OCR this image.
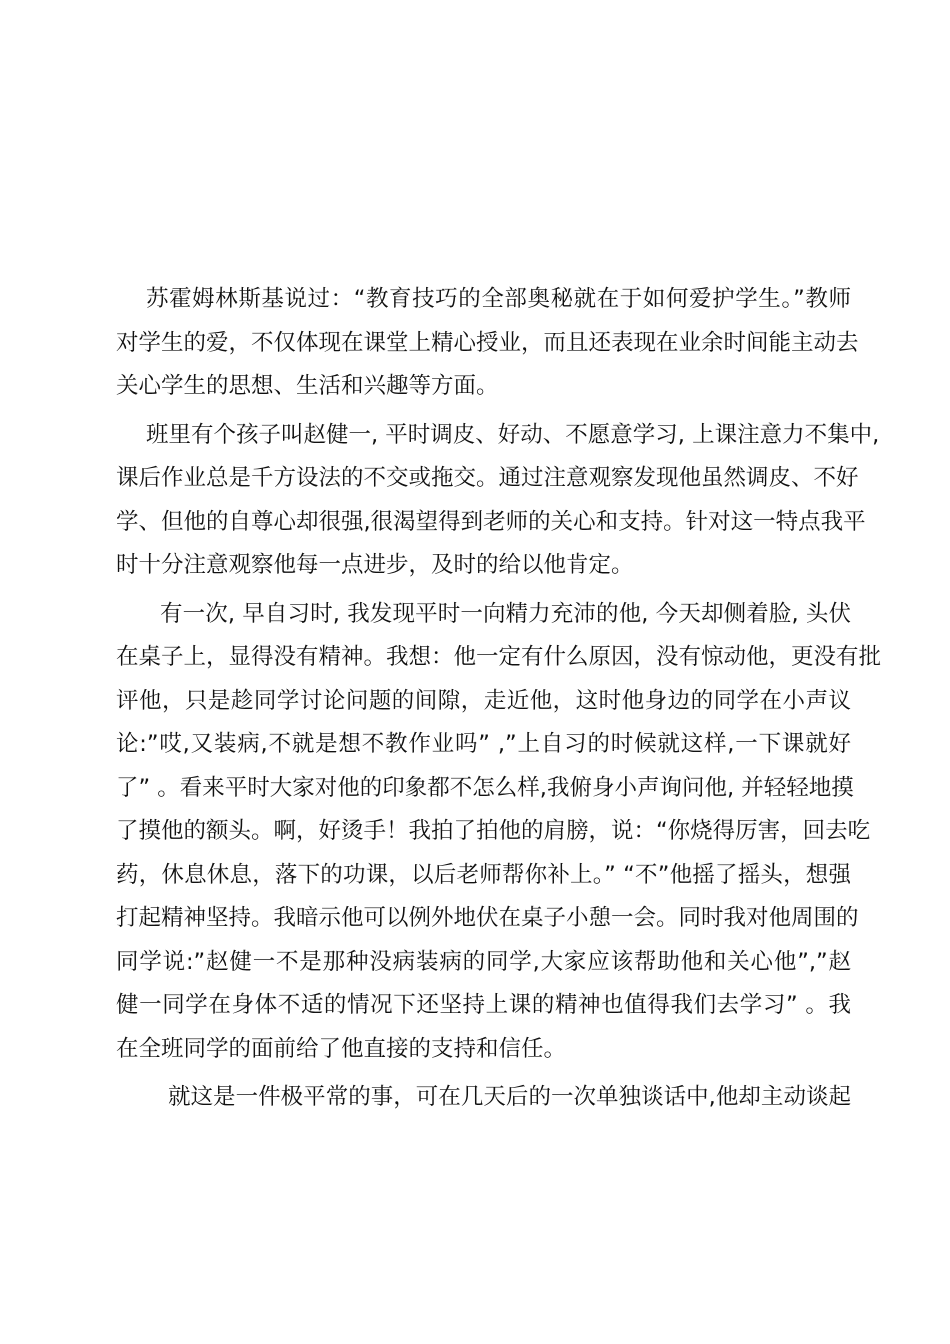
苏霍姆林斯基说过：“教育技巧的全部奥秘就在于如何爱护学生。”教师
对学生的爱，不仅体现在课堂上精心授业，而且还表现在业余时间能主动去
关心学生的思想、生活和兴趣等方面。
班里有个孩子叫赵健一, 平时调皮、好动、不愿意学习, 上课注意力不集中,
课后作业总是千方设法的不交或拖交。通过注意观察发现他虽然调皮、不好
学、但他的自尊心却很强,很渴望得到老师的关心和支持。针对这一特点我平
时十分注意观察他每一点进步，及时的给以他肯定。
有一次, 早自习时, 我发现平时一向精力充沛的他, 今天却侧着脸, 头伏
在桌子上，显得没有精神。我想：他一定有什么原因，没有惊动他，更没有批
评他，只是趁同学讨论问题的间隙，走近他，这时他身边的同学在小声议
论:”哎,又装病,不就是想不教作业吗” ,”上自习的时候就这样,一下课就好
了” 。看来平时大家对他的印象都不怎么样,我俯身小声询问他, 并轻轻地摸
了摸他的额头。啊，好烫手！我拍了拍他的肩膀，说：“你烧得厉害，回去吃
药，休息休息，落下的功课，以后老师帮你补上。” “不”他摇了摇头，想强
打起精神坚持。我暗示他可以例外地伏在桌子小憩一会。同时我对他周围的
同学说:”赵健一不是那种没病装病的同学,大家应该帮助他和关心他”,”赵
健一同学在身体不适的情况下还坚持上课的精神也值得我们去学习” 。我
在全班同学的面前给了他直接的支持和信任。
就这是一件极平常的事，可在几天后的一次单独谈话中,他却主动谈起
